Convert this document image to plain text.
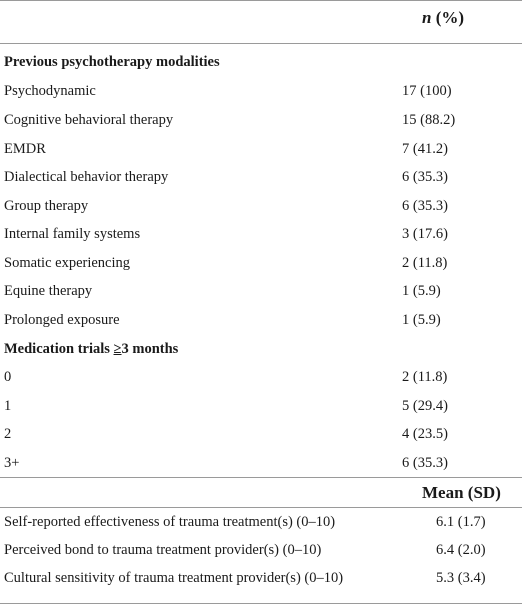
n (%)
Previous psychotherapy modalities
Psychodynamic	17 (100)
Cognitive behavioral therapy	15 (88.2)
EMDR	7 (41.2)
Dialectical behavior therapy	6 (35.3)
Group therapy	6 (35.3)
Internal family systems	3 (17.6)
Somatic experiencing	2 (11.8)
Equine therapy	1 (5.9)
Prolonged exposure	1 (5.9)
Medication trials ≥3 months
0	2 (11.8)
1	5 (29.4)
2	4 (23.5)
3+	6 (35.3)
Mean (SD)
Self-reported effectiveness of trauma treatment(s) (0–10)	6.1 (1.7)
Perceived bond to trauma treatment provider(s) (0–10)	6.4 (2.0)
Cultural sensitivity of trauma treatment provider(s) (0–10)	5.3 (3.4)
